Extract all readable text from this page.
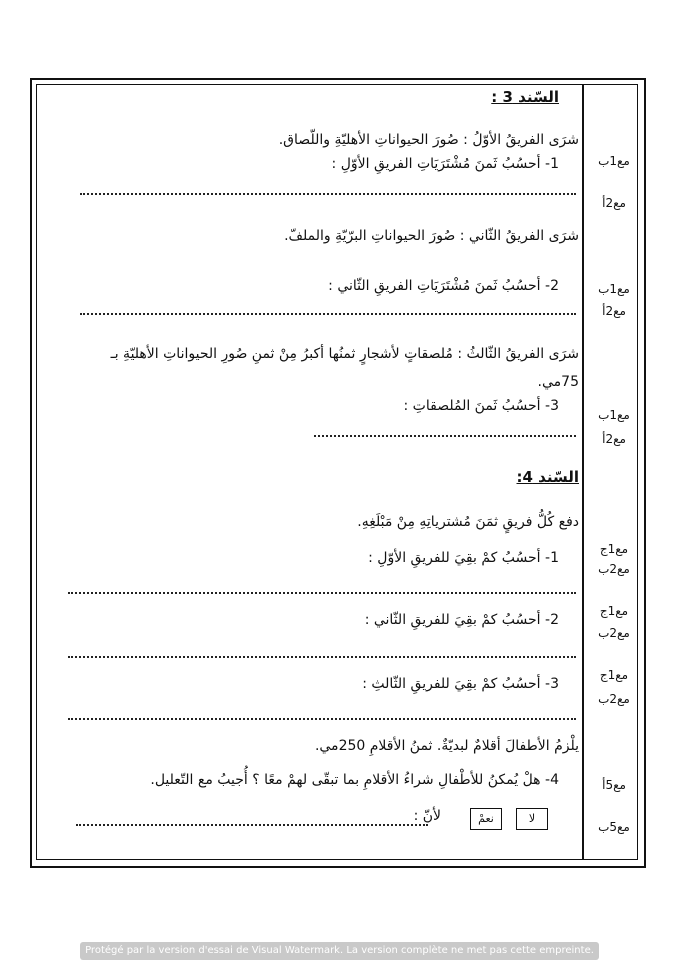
السّند 3 :
شرَى الفريقُ الأوّلُ : صُورَ الحيواناتِ الأهليّةِ واللّصاق.
1- أحسُبُ ثَمنَ مُشْتَرَيَاتِ الفريقِ الأوّلِ :
شرَى الفريقُ الثّاني : صُورَ الحيواناتِ البرّيّةِ والملفّ.
2- أحسُبُ ثَمنَ مُشْتَرَيَاتِ الفريقِ الثّاني :
شرَى الفريقُ الثّالثُ : مُلصقاتٍ لأشجارٍ ثمنُها أكبرُ مِنْ ثمنِ صُورِ الحيواناتِ الأهليّةِ بـ
75مي.
3- أحسُبُ ثَمنَ المُلصقاتِ :
السّند 4:
دفع كُلُّ فريقٍ ثمَنَ مُشترياتِهِ مِنْ مَبْلَغِهِ.
1- أحسُبُ كمْ بقِيَ للفريقِ الأوّلِ :
2- أحسُبُ كمْ بقِيَ للفريقِ الثّاني :
3- أحسُبُ كمْ بقِيَ للفريقِ الثّالثِ :
يلْزمُ الأطفالَ أقلامٌ لبديّةٌ. ثمنُ الأقلامِ 250مي.
4- هلْ يُمكنُ للأطْفالِ شراءُ الأقلامِ بما تبقّى لهمْ معًا ؟ أُجيبُ مع التّعليل.
لا
نعمْ
لأنّ :
مع1ب
مع2أ
مع1ب
مع2أ
مع1ب
مع2أ
مع1ج
مع2ب
مع1ج
مع2ب
مع1ج
مع2ب
مع5أ
مع5ب
Protégé par la version d'essai de Visual Watermark. La version complète ne met pas cette empreinte.
